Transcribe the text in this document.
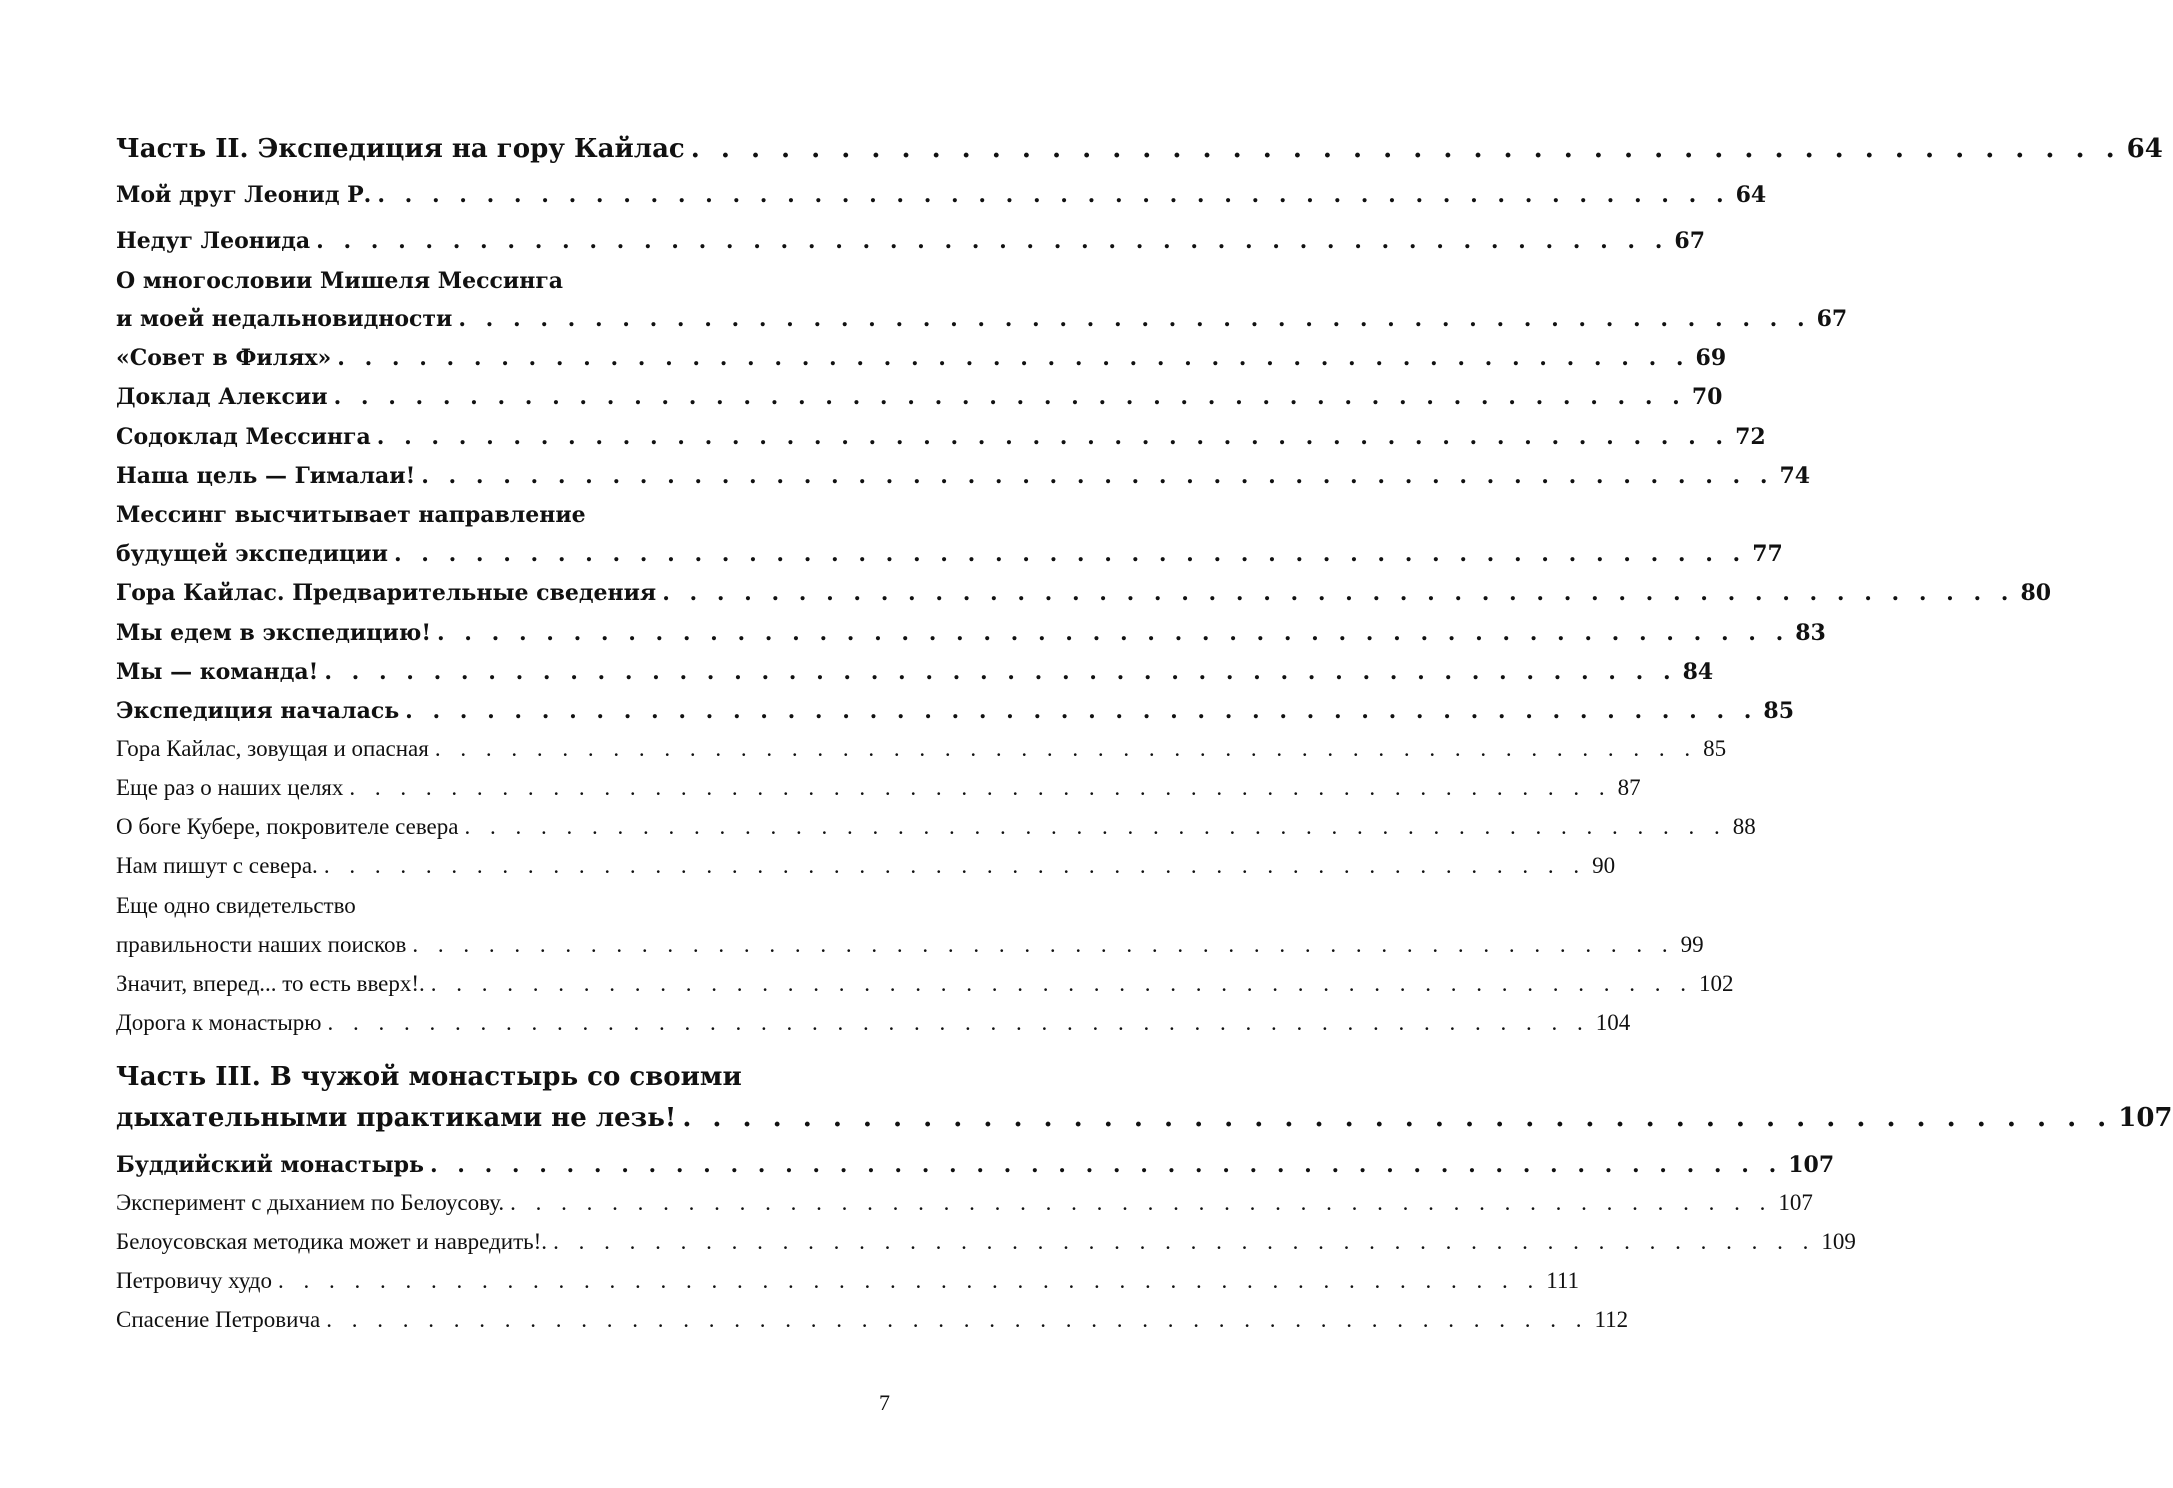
Часть II. Экспедиция на гору Кайлас . . . . . . . . . . . . . . . . . . . . . . . . . . . . . . . . . . . . . . . . . . . . . . . . 64
Мой друг Леонид Р. . . . . . . . . . . . . . . . . . . . . . . . . . . . . . . . . . . . . . . . . . . . . . . . . . . 64
Недуг Леонида . . . . . . . . . . . . . . . . . . . . . . . . . . . . . . . . . . . . . . . . . . . . . . . . . . 67
О многословии Мишеля Мессинга
и моей недальновидности . . . . . . . . . . . . . . . . . . . . . . . . . . . . . . . . . . . . . . . . . . . . . . . . . . 67
«Совет в Филях» . . . . . . . . . . . . . . . . . . . . . . . . . . . . . . . . . . . . . . . . . . . . . . . . . . 69
Доклад Алексии . . . . . . . . . . . . . . . . . . . . . . . . . . . . . . . . . . . . . . . . . . . . . . . . . . 70
Содоклад Мессинга . . . . . . . . . . . . . . . . . . . . . . . . . . . . . . . . . . . . . . . . . . . . . . . . . . 72
Наша цель — Гималаи! . . . . . . . . . . . . . . . . . . . . . . . . . . . . . . . . . . . . . . . . . . . . . . . . . . 74
Мессинг высчитывает направление
будущей экспедиции . . . . . . . . . . . . . . . . . . . . . . . . . . . . . . . . . . . . . . . . . . . . . . . . . . 77
Гора Кайлас. Предварительные сведения . . . . . . . . . . . . . . . . . . . . . . . . . . . . . . . . . . . . . . . . . . . . . . . . . . 80
Мы едем в экспедицию! . . . . . . . . . . . . . . . . . . . . . . . . . . . . . . . . . . . . . . . . . . . . . . . . . . 83
Мы — команда! . . . . . . . . . . . . . . . . . . . . . . . . . . . . . . . . . . . . . . . . . . . . . . . . . . 84
Экспедиция началась . . . . . . . . . . . . . . . . . . . . . . . . . . . . . . . . . . . . . . . . . . . . . . . . . . 85
Гора Кайлас, зовущая и опасная . . . . . . . . . . . . . . . . . . . . . . . . . . . . . . . . . . . . . . . . . . . . . . . . . . 85
Еще раз о наших целях . . . . . . . . . . . . . . . . . . . . . . . . . . . . . . . . . . . . . . . . . . . . . . . . . . 87
О боге Кубере, покровителе севера . . . . . . . . . . . . . . . . . . . . . . . . . . . . . . . . . . . . . . . . . . . . . . . . . . 88
Нам пишут с севера. . . . . . . . . . . . . . . . . . . . . . . . . . . . . . . . . . . . . . . . . . . . . . . . . . . 90
Еще одно свидетельство
правильности наших поисков . . . . . . . . . . . . . . . . . . . . . . . . . . . . . . . . . . . . . . . . . . . . . . . . . . 99
Значит, вперед... то есть вверх!. . . . . . . . . . . . . . . . . . . . . . . . . . . . . . . . . . . . . . . . . . . . . . . . . . . 102
Дорога к монастырю . . . . . . . . . . . . . . . . . . . . . . . . . . . . . . . . . . . . . . . . . . . . . . . . . . 104
Часть III. В чужой монастырь со своими
дыхательными практиками не лезь! . . . . . . . . . . . . . . . . . . . . . . . . . . . . . . . . . . . . . . . . . . . . . . . . 107
Буддийский монастырь . . . . . . . . . . . . . . . . . . . . . . . . . . . . . . . . . . . . . . . . . . . . . . . . . . 107
Эксперимент с дыханием по Белоусову. . . . . . . . . . . . . . . . . . . . . . . . . . . . . . . . . . . . . . . . . . . . . . . . . . . 107
Белоусовская методика может и навредить!. . . . . . . . . . . . . . . . . . . . . . . . . . . . . . . . . . . . . . . . . . . . . . . . . . . 109
Петровичу худо . . . . . . . . . . . . . . . . . . . . . . . . . . . . . . . . . . . . . . . . . . . . . . . . . . 111
Спасение Петровича . . . . . . . . . . . . . . . . . . . . . . . . . . . . . . . . . . . . . . . . . . . . . . . . . . 112
7
